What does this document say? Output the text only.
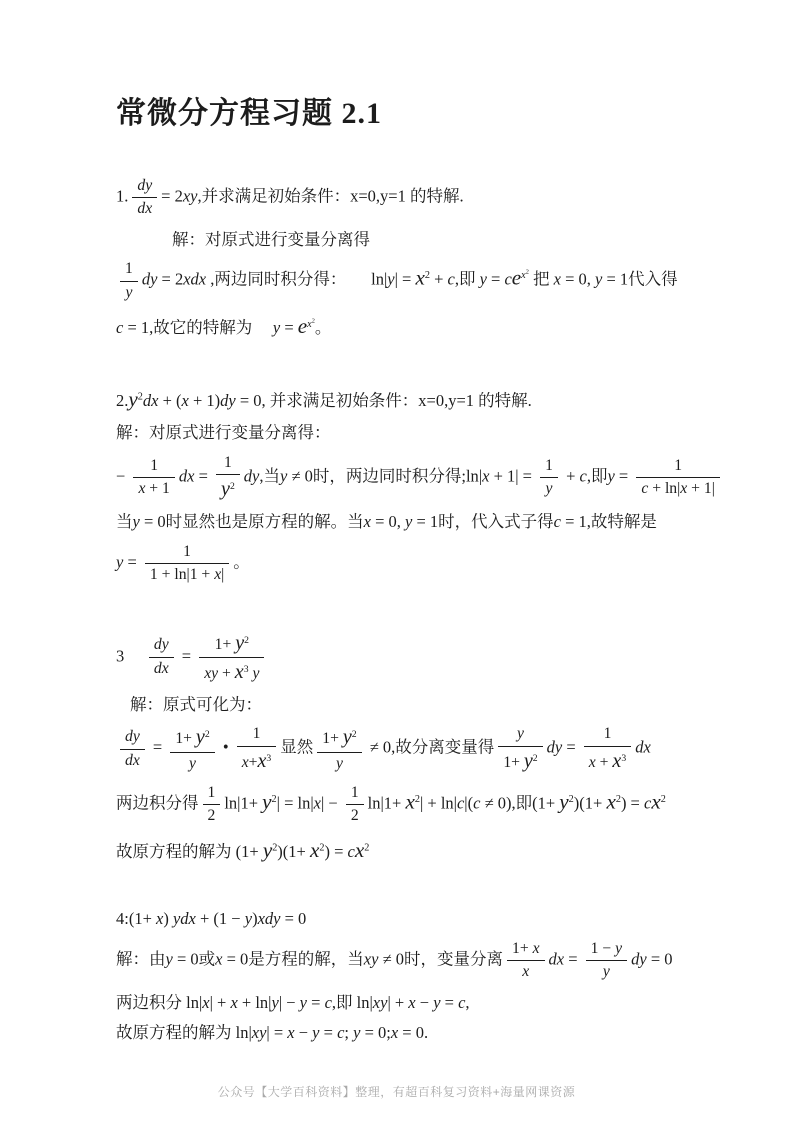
常微分方程习题 2.1
1. $\frac{dy}{dx} = 2xy$,并求满足初始条件：x=0,y=1 的特解.
解：对原式进行变量分离得
$\frac{1}{y}$ dy = 2xdx ,两边同时积分得：　　$\ln|y| = x^2 + c$,即 $y = ce^{x^2}$ 把 x = 0, y = 1代入得
c = 1,故它的特解为　 $y = e^{x^2}$。
$2.y^2dx + (x + 1)dy = 0$, 并求满足初始条件：x=0,y=1 的特解.
解：对原式进行变量分离得：
− $\frac{1}{x + 1}$ dx = $\frac{1}{y^2}$ dy,当y ≠ 0时，两边同时积分得;ln|x + $1| = \frac{1}{y} + c$,即$y = \frac{1}{c + \ln|x + 1|}$
当y = 0时显然也是原方程的解。当x = 0, y = 1时，代入式子得c = 1,故特解是
$y = \frac{1}{1 + \ln|1 + x|}$ 。
3　 $\frac{dy}{dx} = \frac{1+ y^2}{xy + x^3 y}$
解：原式可化为：
$\frac{dy}{dx} = \frac{1+ y^2}{y}$ • $\frac{1}{x+x^3}$ 显然 $\frac{1+ y^2}{y} \ne 0$,故分离变量得 $\frac{y}{1+ y^2}$ dy = $\frac{1}{x + x^3}$ dx
两边积分得 $\frac{1}{2} \ln|1+ y^2| = \ln|x| - \frac{1}{2} \ln|1+ x^2| + \ln|c|(c \ne 0)$,即$(1+ y^2)(1+ x^2) = cx^2$
故原方程的解为 $(1+ y^2)(1+ x^2) = cx^2$
4:(1+ x) ydx + (1 − y)xdy = 0
解：由y = 0或x = 0是方程的解，当xy ≠ 0时，变量分离 $\frac{1+ x}{x}$ dx = $\frac{1 - y}{y}$ dy = 0
两边积分 ln|x| + x + ln|y| − y = c,即 ln|xy| + x − y = c,
故原方程的解为 ln|xy| = x − y = c; y = 0;x = 0.
公众号【大学百科资料】整理，有超百科复习资料+海量网课资源
